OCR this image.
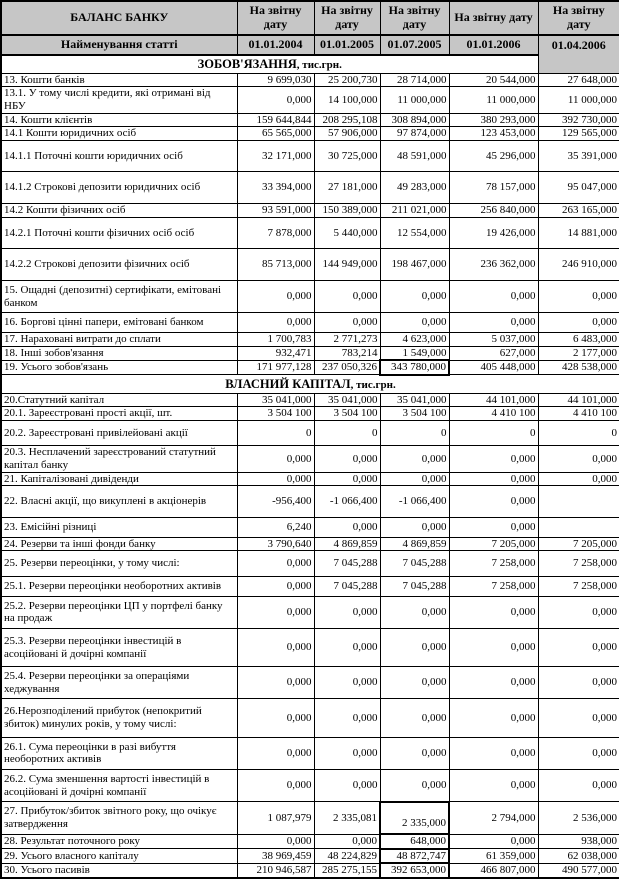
БАЛАНС БАНКУ	На звітну дату	На звітну дату	На звітну дату	На звітну дату	На звітну дату
Найменування статті	01.01.2004	01.01.2005	01.07.2005	01.01.2006	01.04.2006
ЗОБОВ'ЯЗАННЯ, тис.грн.					
13. Кошти банків	9 699,030	25 200,730	28 714,000	20 544,000	27 648,000
13.1. У тому числі кредити, які отримані від НБУ	0,000	14 100,000	11 000,000	11 000,000	11 000,000
14. Кошти клієнтів	159 644,844	208 295,108	308 894,000	380 293,000	392 730,000
14.1 Кошти юридичних осіб	65 565,000	57 906,000	97 874,000	123 453,000	129 565,000
14.1.1 Поточні кошти юридичних осіб	32 171,000	30 725,000	48 591,000	45 296,000	35 391,000
14.1.2 Строкові депозити юридичних осіб	33 394,000	27 181,000	49 283,000	78 157,000	95 047,000
14.2 Кошти фізичних осіб	93 591,000	150 389,000	211 021,000	256 840,000	263 165,000
14.2.1 Поточні кошти фізичних осіб осіб	7 878,000	5 440,000	12 554,000	19 426,000	14 881,000
14.2.2 Строкові депозити фізичних осіб	85 713,000	144 949,000	198 467,000	236 362,000	246 910,000
15. Ощадні (депозитні) сертифікати, емітовані банком	0,000	0,000	0,000	0,000	0,000
16. Боргові цінні папери, емітовані банком	0,000	0,000	0,000	0,000	0,000
17. Нараховані витрати до сплати	1 700,783	2 771,273	4 623,000	5 037,000	6 483,000
18. Інші зобов'язання	932,471	783,214	1 549,000	627,000	2 177,000
19. Усього зобов'язань	171 977,128	237 050,326	343 780,000	405 448,000	428 538,000
ВЛАСНИЙ КАПІТАЛ, тис.грн.					
20.Статутний капітал	35 041,000	35 041,000	35 041,000	44 101,000	44 101,000
20.1. Зареєстровані прості акції, шт.	3 504 100	3 504 100	3 504 100	4 410 100	4 410 100
20.2. Зареєстровані привілейовані акції	0	0	0	0	0
20.3. Несплачений зареєстрований статутний капітал банку	0,000	0,000	0,000	0,000	0,000
21. Капіталізовані дивіденди	0,000	0,000	0,000	0,000	0,000
22. Власні акції, що викуплені в акціонерів	-956,400	-1 066,400	-1 066,400	0,000	
23. Емісійні різниці	6,240	0,000	0,000	0,000	
24. Резерви та інші фонди банку	3 790,640	4 869,859	4 869,859	7 205,000	7 205,000
25. Резерви переоцінки, у тому числі:	0,000	7 045,288	7 045,288	7 258,000	7 258,000
25.1. Резерви переоцінки необоротних активів	0,000	7 045,288	7 045,288	7 258,000	7 258,000
25.2. Резерви переоцінки ЦП у портфелі банку на продаж	0,000	0,000	0,000	0,000	0,000
25.3. Резерви переоцінки інвестицій в асоційовані й дочірні компанії	0,000	0,000	0,000	0,000	0,000
25.4. Резерви переоцінки за операціями хеджування	0,000	0,000	0,000	0,000	0,000
26.Нерозподілений прибуток (непокритий збиток) минулих років, у тому числі:	0,000	0,000	0,000	0,000	0,000
26.1. Сума переоцінки в разі вибуття необоротних активів	0,000	0,000	0,000	0,000	0,000
26.2. Сума зменшення вартості інвестицій в асоційовані й дочірні компанії	0,000	0,000	0,000	0,000	0,000
27. Прибуток/збиток звітного року, що очікує затвердження	1 087,979	2 335,081	2 335,000	2 794,000	2 536,000
28. Результат поточного року	0,000	0,000	648,000	0,000	938,000
29. Усього власного капіталу	38 969,459	48 224,829	48 872,747	61 359,000	62 038,000
30. Усього пасивів	210 946,587	285 275,155	392 653,000	466 807,000	490 577,000
